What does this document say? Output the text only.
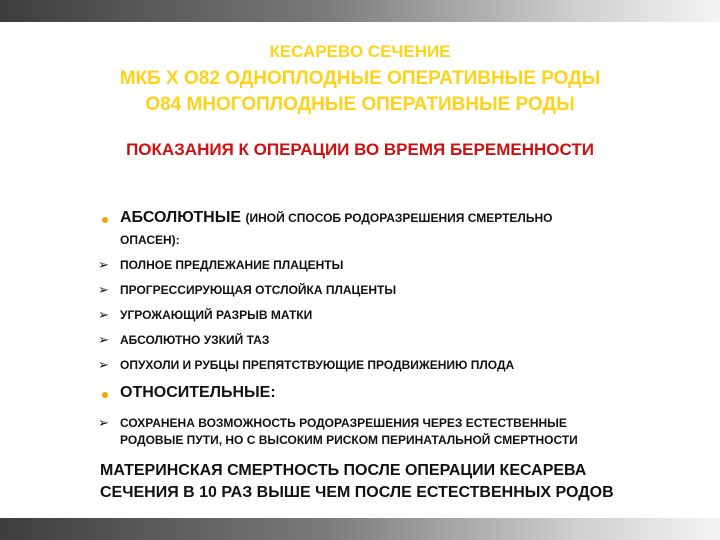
КЕСАРЕВО СЕЧЕНИЕ

МКБ Х O82 ОДНОПЛОДНЫЕ ОПЕРАТИВНЫЕ РОДЫ

O84 МНОГОПЛОДНЫЕ ОПЕРАТИВНЫЕ РОДЫ

ПОКАЗАНИЯ К ОПЕРАЦИИ ВО ВРЕМЯ БЕРЕМЕННОСТИ

АБСОЛЮТНЫЕ (ИНОЙ СПОСОБ РОДОРАЗРЕШЕНИЯ СМЕРТЕЛЬНО
ОПАСЕН):
➢ ПОЛНОЕ ПРЕДЛЕЖАНИЕ ПЛАЦЕНТЫ
➢ ПРОГРЕССИРУЮЩАЯ ОТСЛОЙКА ПЛАЦЕНТЫ
➢ УГРОЖАЮЩИЙ РАЗРЫВ МАТКИ
➢ АБСОЛЮТНО УЗКИЙ ТАЗ
➢ ОПУХОЛИ И РУБЦЫ ПРЕПЯТСТВУЮЩИЕ ПРОДВИЖЕНИЮ ПЛОДА
ОТНОСИТЕЛЬНЫЕ:
➢ СОХРАНЕНА ВОЗМОЖНОСТЬ РОДОРАЗРЕШЕНИЯ ЧЕРЕЗ ЕСТЕСТВЕННЫЕ
РОДОВЫЕ ПУТИ, НО С ВЫСОКИМ РИСКОМ ПЕРИНАТАЛЬНОЙ СМЕРТНОСТИ
МАТЕРИНСКАЯ СМЕРТНОСТЬ ПОСЛЕ ОПЕРАЦИИ КЕСАРЕВА
СЕЧЕНИЯ В 10 РАЗ ВЫШЕ ЧЕМ ПОСЛЕ ЕСТЕСТВЕННЫХ РОДОВ
